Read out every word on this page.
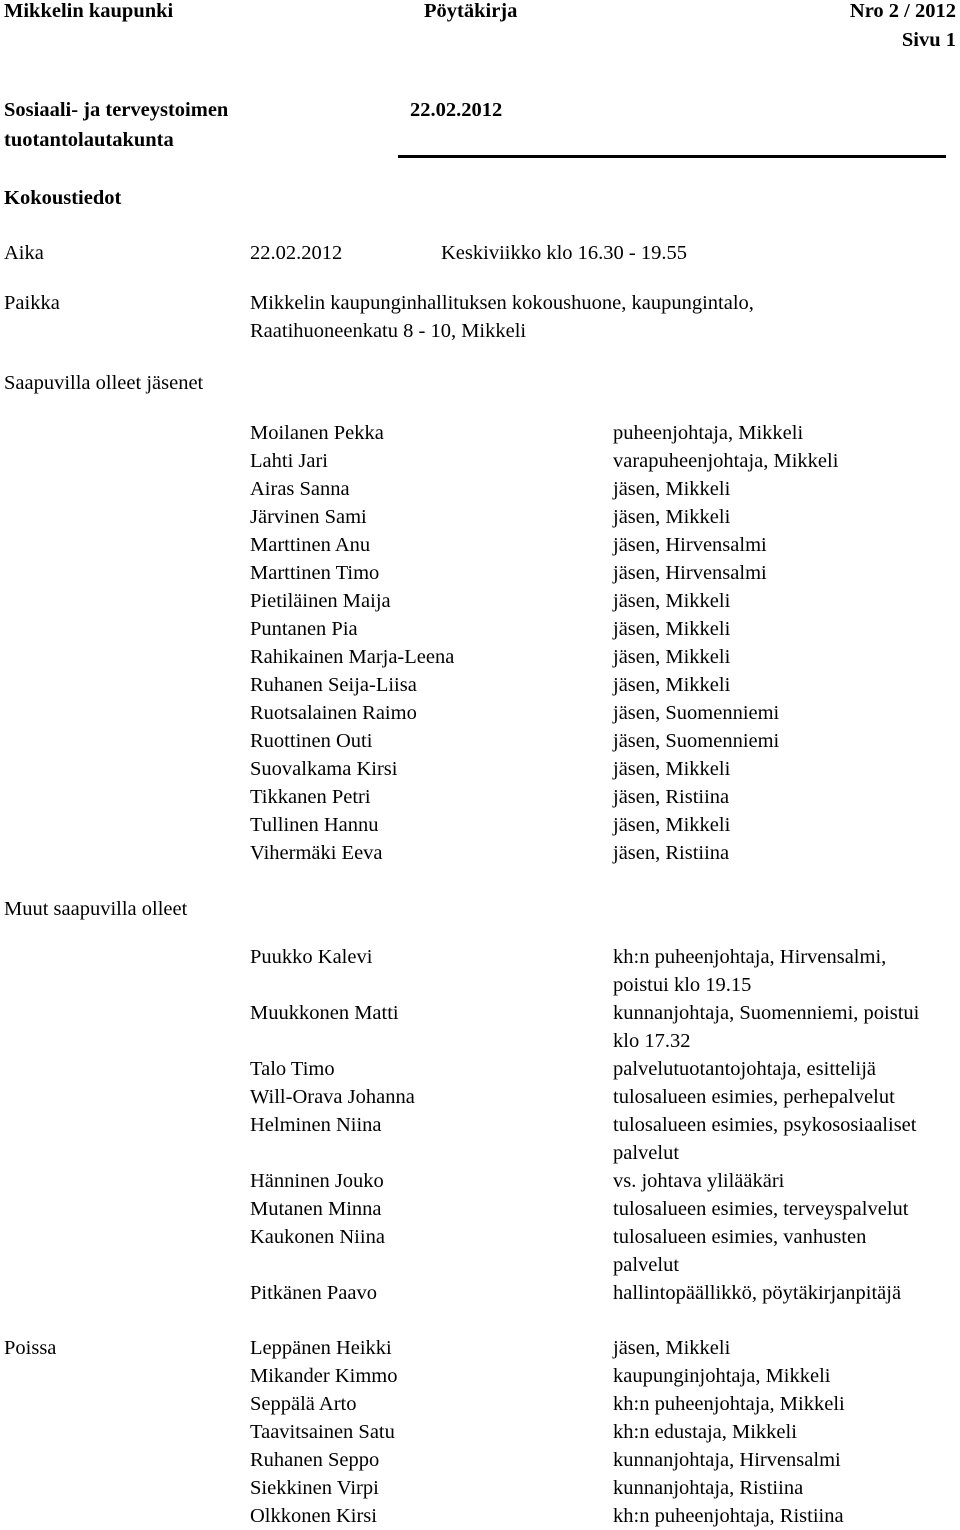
Mikkelin kaupunki	Pöytäkirja	Nro 2 / 2012
Sivu 1
Sosiaali- ja terveystoimen
tuotantolautakunta
22.02.2012
Kokoustiedot
Aika	22.02.2012	Keskiviikko klo 16.30 - 19.55
Paikka	Mikkelin kaupunginhallituksen kokoushuone, kaupungintalo,
Raatihuoneenkatu 8 - 10, Mikkeli
Saapuvilla olleet jäsenet
Moilanen Pekka	puheenjohtaja, Mikkeli
Lahti Jari	varapuheenjohtaja, Mikkeli
Airas Sanna	jäsen, Mikkeli
Järvinen Sami	jäsen, Mikkeli
Marttinen Anu	jäsen, Hirvensalmi
Marttinen Timo	jäsen, Hirvensalmi
Pietiläinen Maija	jäsen, Mikkeli
Puntanen Pia	jäsen, Mikkeli
Rahikainen Marja-Leena	jäsen, Mikkeli
Ruhanen Seija-Liisa	jäsen, Mikkeli
Ruotsalainen Raimo	jäsen, Suomenniemi
Ruottinen Outi	jäsen, Suomenniemi
Suovalkama Kirsi	jäsen, Mikkeli
Tikkanen Petri	jäsen, Ristiina
Tullinen Hannu	jäsen, Mikkeli
Vihermäki Eeva	jäsen, Ristiina
Muut saapuvilla olleet
Puukko Kalevi	kh:n puheenjohtaja, Hirvensalmi,
poistui klo 19.15
Muukkonen Matti	kunnanjohtaja, Suomenniemi, poistui
klo 17.32
Talo Timo	palvelutuotantojohtaja, esittelijä
Will-Orava Johanna	tulosalueen esimies, perhepalvelut
Helminen Niina	tulosalueen esimies, psykososiaaliset
palvelut
Hänninen Jouko	vs. johtava ylilääkäri
Mutanen Minna	tulosalueen esimies, terveyspalvelut
Kaukonen Niina	tulosalueen esimies, vanhusten
palvelut
Pitkänen Paavo	hallintopäällikkö, pöytäkirjanpitäjä
Poissa	Leppänen Heikki	jäsen, Mikkeli
Mikander Kimmo	kaupunginjohtaja, Mikkeli
Seppälä Arto	kh:n puheenjohtaja, Mikkeli
Taavitsainen Satu	kh:n edustaja, Mikkeli
Ruhanen Seppo	kunnanjohtaja, Hirvensalmi
Siekkinen Virpi	kunnanjohtaja, Ristiina
Olkkonen Kirsi	kh:n puheenjohtaja, Ristiina
